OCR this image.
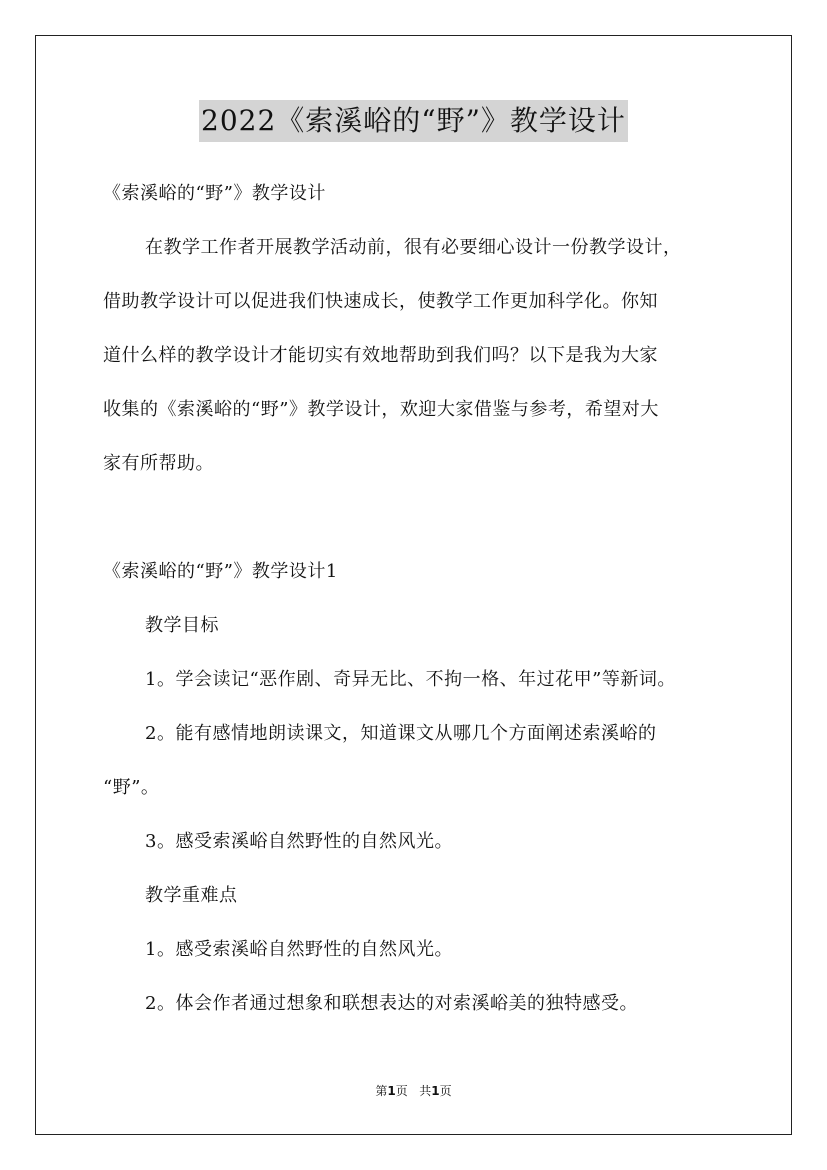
2022《索溪峪的“野”》教学设计
《索溪峪的“野”》教学设计
在教学工作者开展教学活动前，很有必要细心设计一份教学设计，
借助教学设计可以促进我们快速成长，使教学工作更加科学化。你知
道什么样的教学设计才能切实有效地帮助到我们吗？以下是我为大家
收集的《索溪峪的“野”》教学设计，欢迎大家借鉴与参考，希望对大
家有所帮助。
《索溪峪的“野”》教学设计1
教学目标
1。学会读记“恶作剧、奇异无比、不拘一格、年过花甲”等新词。
2。能有感情地朗读课文，知道课文从哪几个方面阐述索溪峪的
“野”。
3。感受索溪峪自然野性的自然风光。
教学重难点
1。感受索溪峪自然野性的自然风光。
2。体会作者通过想象和联想表达的对索溪峪美的独特感受。
第1页   共1页
